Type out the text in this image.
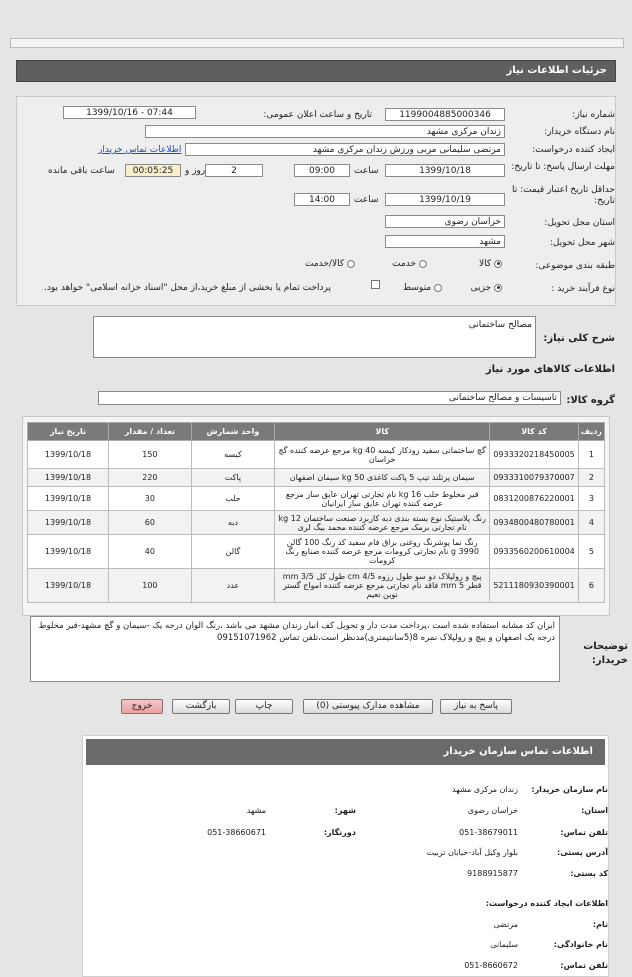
جزئیات اطلاعات نیاز
شماره نیاز:
1199004885000346
تاریخ و ساعت اعلان عمومی:
1399/10/16 - 07:44
نام دستگاه خریدار:
زندان مرکزی مشهد
ایجاد کننده درخواست:
مرتضی سلیمانی مربی ورزش زندان مرکزی مشهد
اطلاعات تماس خریدار
مهلت ارسال پاسخ: تا تاریخ:
1399/10/18
ساعت
09:00
2
روز و
00:05:25
ساعت باقی مانده
حداقل تاریخ اعتبار قیمت: تا تاریخ:
1399/10/19
ساعت
14:00
استان محل تحویل:
خراسان رضوی
شهر محل تحویل:
مشهد
طبقه بندی موضوعی:
کالا
خدمت
کالا/خدمت
نوع فرآیند خرید :
جزیی
متوسط
پرداخت تمام یا بخشی از مبلغ خرید،از محل "اسناد خزانه اسلامی" خواهد بود.
شرح کلی نیاز:
مصالح ساختمانی
اطلاعات کالاهای مورد نیاز
گروه کالا:
تاسیسات و مصالح ساختمانی
ردیف	کد کالا	کالا	واحد شمارش	تعداد / مقدار	تاریخ نیاز
1	0933320218450005	گچ ساختمانی سفید زودکار کیسه 40 kg مرجع عرضه کننده گچ خراسان	کیسه	150	1399/10/18
2	0933310079370007	سیمان پرتلند تیپ 5 پاکت کاغذی 50 kg سیمان اصفهان	پاکت	220	1399/10/18
3	0831200876220001	قیر مخلوط حلب 16 kg نام تجارتی تهران عایق ساز مرجع عرضه کننده تهران عایق ساز ایرانیان	حلب	30	1399/10/18
4	0934800480780001	رنگ پلاستیک نوع بسته بندی دبه کاربرد صنعت ساختمان 12 kg نام تجارتی برمک مرجع عرضه کننده محمد بیگ لری	دبه	60	1399/10/18
5	0933560200610004	رنگ نما پوشرنگ روغنی براق فام سفید کد رنگ 100 گالن 3990 g نام تجارتی کرومات مرجع عرضه کننده صنایع رنگ کرومات	گالن	40	1399/10/18
6	5211180930390001	پیچ و رولپلاک دو سو طول رزوه 4/5 cm طول کل 3/5 mm قطر 5 mm فاقد نام تجارتی مرجع عرضه کننده امواج گستر نوین نعیم	عدد	100	1399/10/18
ایران کد مشابه استفاده شده است ،پرداخت مدت دار و تحویل کف انبار زندان مشهد می باشد ،رنگ الوان درجه یک -سیمان و گچ مشهد-قیر مخلوط درجه یک اصفهان و پیچ و رولپلاک نمره 8(5سانتیمتری)مدنظر است،تلفن تماس 09151071962
توضیحات خریدار:
پاسخ به نیاز
مشاهده مدارک پیوستی (0)
چاپ
بازگشت
خروج
اطلاعات تماس سازمان خریدار
نام سازمان خریدار:
زندان مرکزی مشهد
استان:
خراسان رضوی
شهر:
مشهد
تلفن تماس:
051-38679011
دورنگار:
051-38660671
آدرس پستی:
بلوار وکیل آباد-خیابان تربیت
کد پستی:
9188915877
اطلاعات ایجاد کننده درخواست:
نام:
مرتضی
نام خانوادگی:
سلیمانی
تلفن تماس:
051-8660672
